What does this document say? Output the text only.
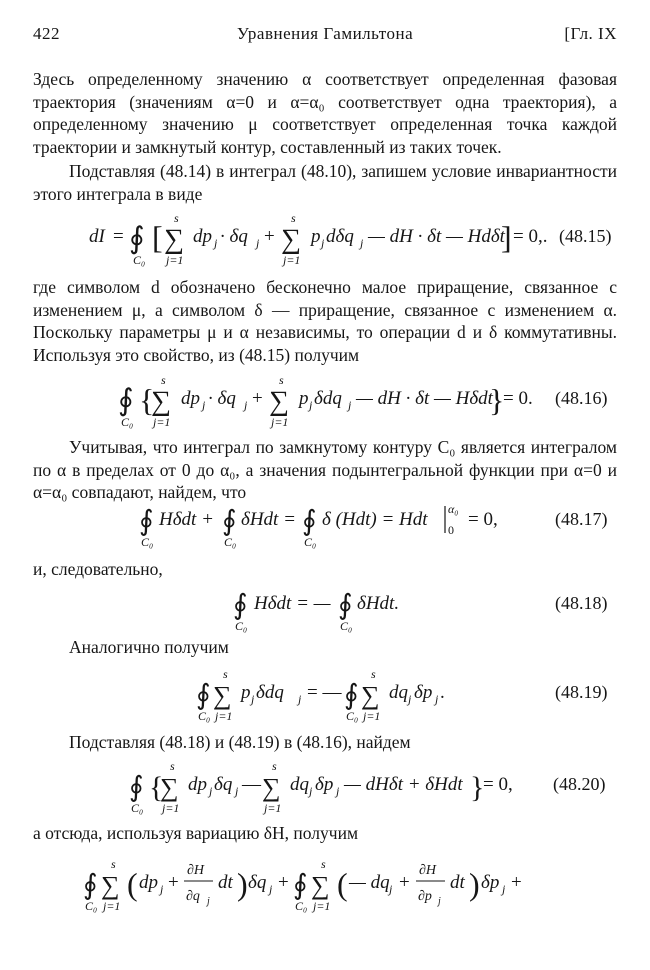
422	Уравнения Гамильтона	[Гл. IX

Здесь определенному значению α соответствует определенная фазовая траектория (значениям α=0 и α=α₀ соответствует одна траектория), а определенному значению μ соответствует определенная точка каждой траектории и замкнутый контур, составленный из таких точек.

Подставляя (48.14) в интеграл (48.10), запишем условие инвариантности этого интеграла в виде

dI = ∮
C₀
[ ∑
s
j=1
dp j · δq j + ∑
s
j=1
p j dδq j — dH · δt — Hdδt
] = 0,. (48.15)

где символом d обозначено бесконечно малое приращение, связанное с изменением μ, а символом δ — приращение, связанное с изменением α. Поскольку параметры μ и α независимы, то операции d и δ коммутативны. Используя это свойство, из (48.15) получим

∮
C₀
{
∑
s
j=1
dp j · δq j + ∑
s
j=1
p j δdq j — dH · δt — Hδdt
}
= 0. (48.16)

Учитывая, что интеграл по замкнутому контуру C₀ является интегралом по α в пределах от 0 до α₀, а значения подынтегральной функции при α=0 и α=α₀ совпадают, найдем, что

∮
C₀
Hδdt + ∮
C₀
δHdt = ∮
C₀
δ (Hdt) = Hdt α₀
0 = 0,	(48.17)

и, следовательно,

∮
C₀
Hδdt = — ∮
C₀
δHdt.	(48.18)

Аналогично получим

∮
C₀
∑
s
j=1
p j δdq j = — ∮
C₀
∑
s
j=1
dq j δp j .	(48.19)

Подставляя (48.18) и (48.19) в (48.16), найдем

∮
C₀
{
∑
s
j=1
dp j δq j — ∑
s
j=1
dq j δp j — dHδt + δHdt }
= 0, (48.20)

а отсюда, используя вариацию δH, получим

∮
C₀
∑
s
j=1
( dp j +
∂H
∂q j
dt ) δq j + ∮
C₀
∑
s
j=1
( — dq j +
∂H
∂p j
dt ) δp j +
